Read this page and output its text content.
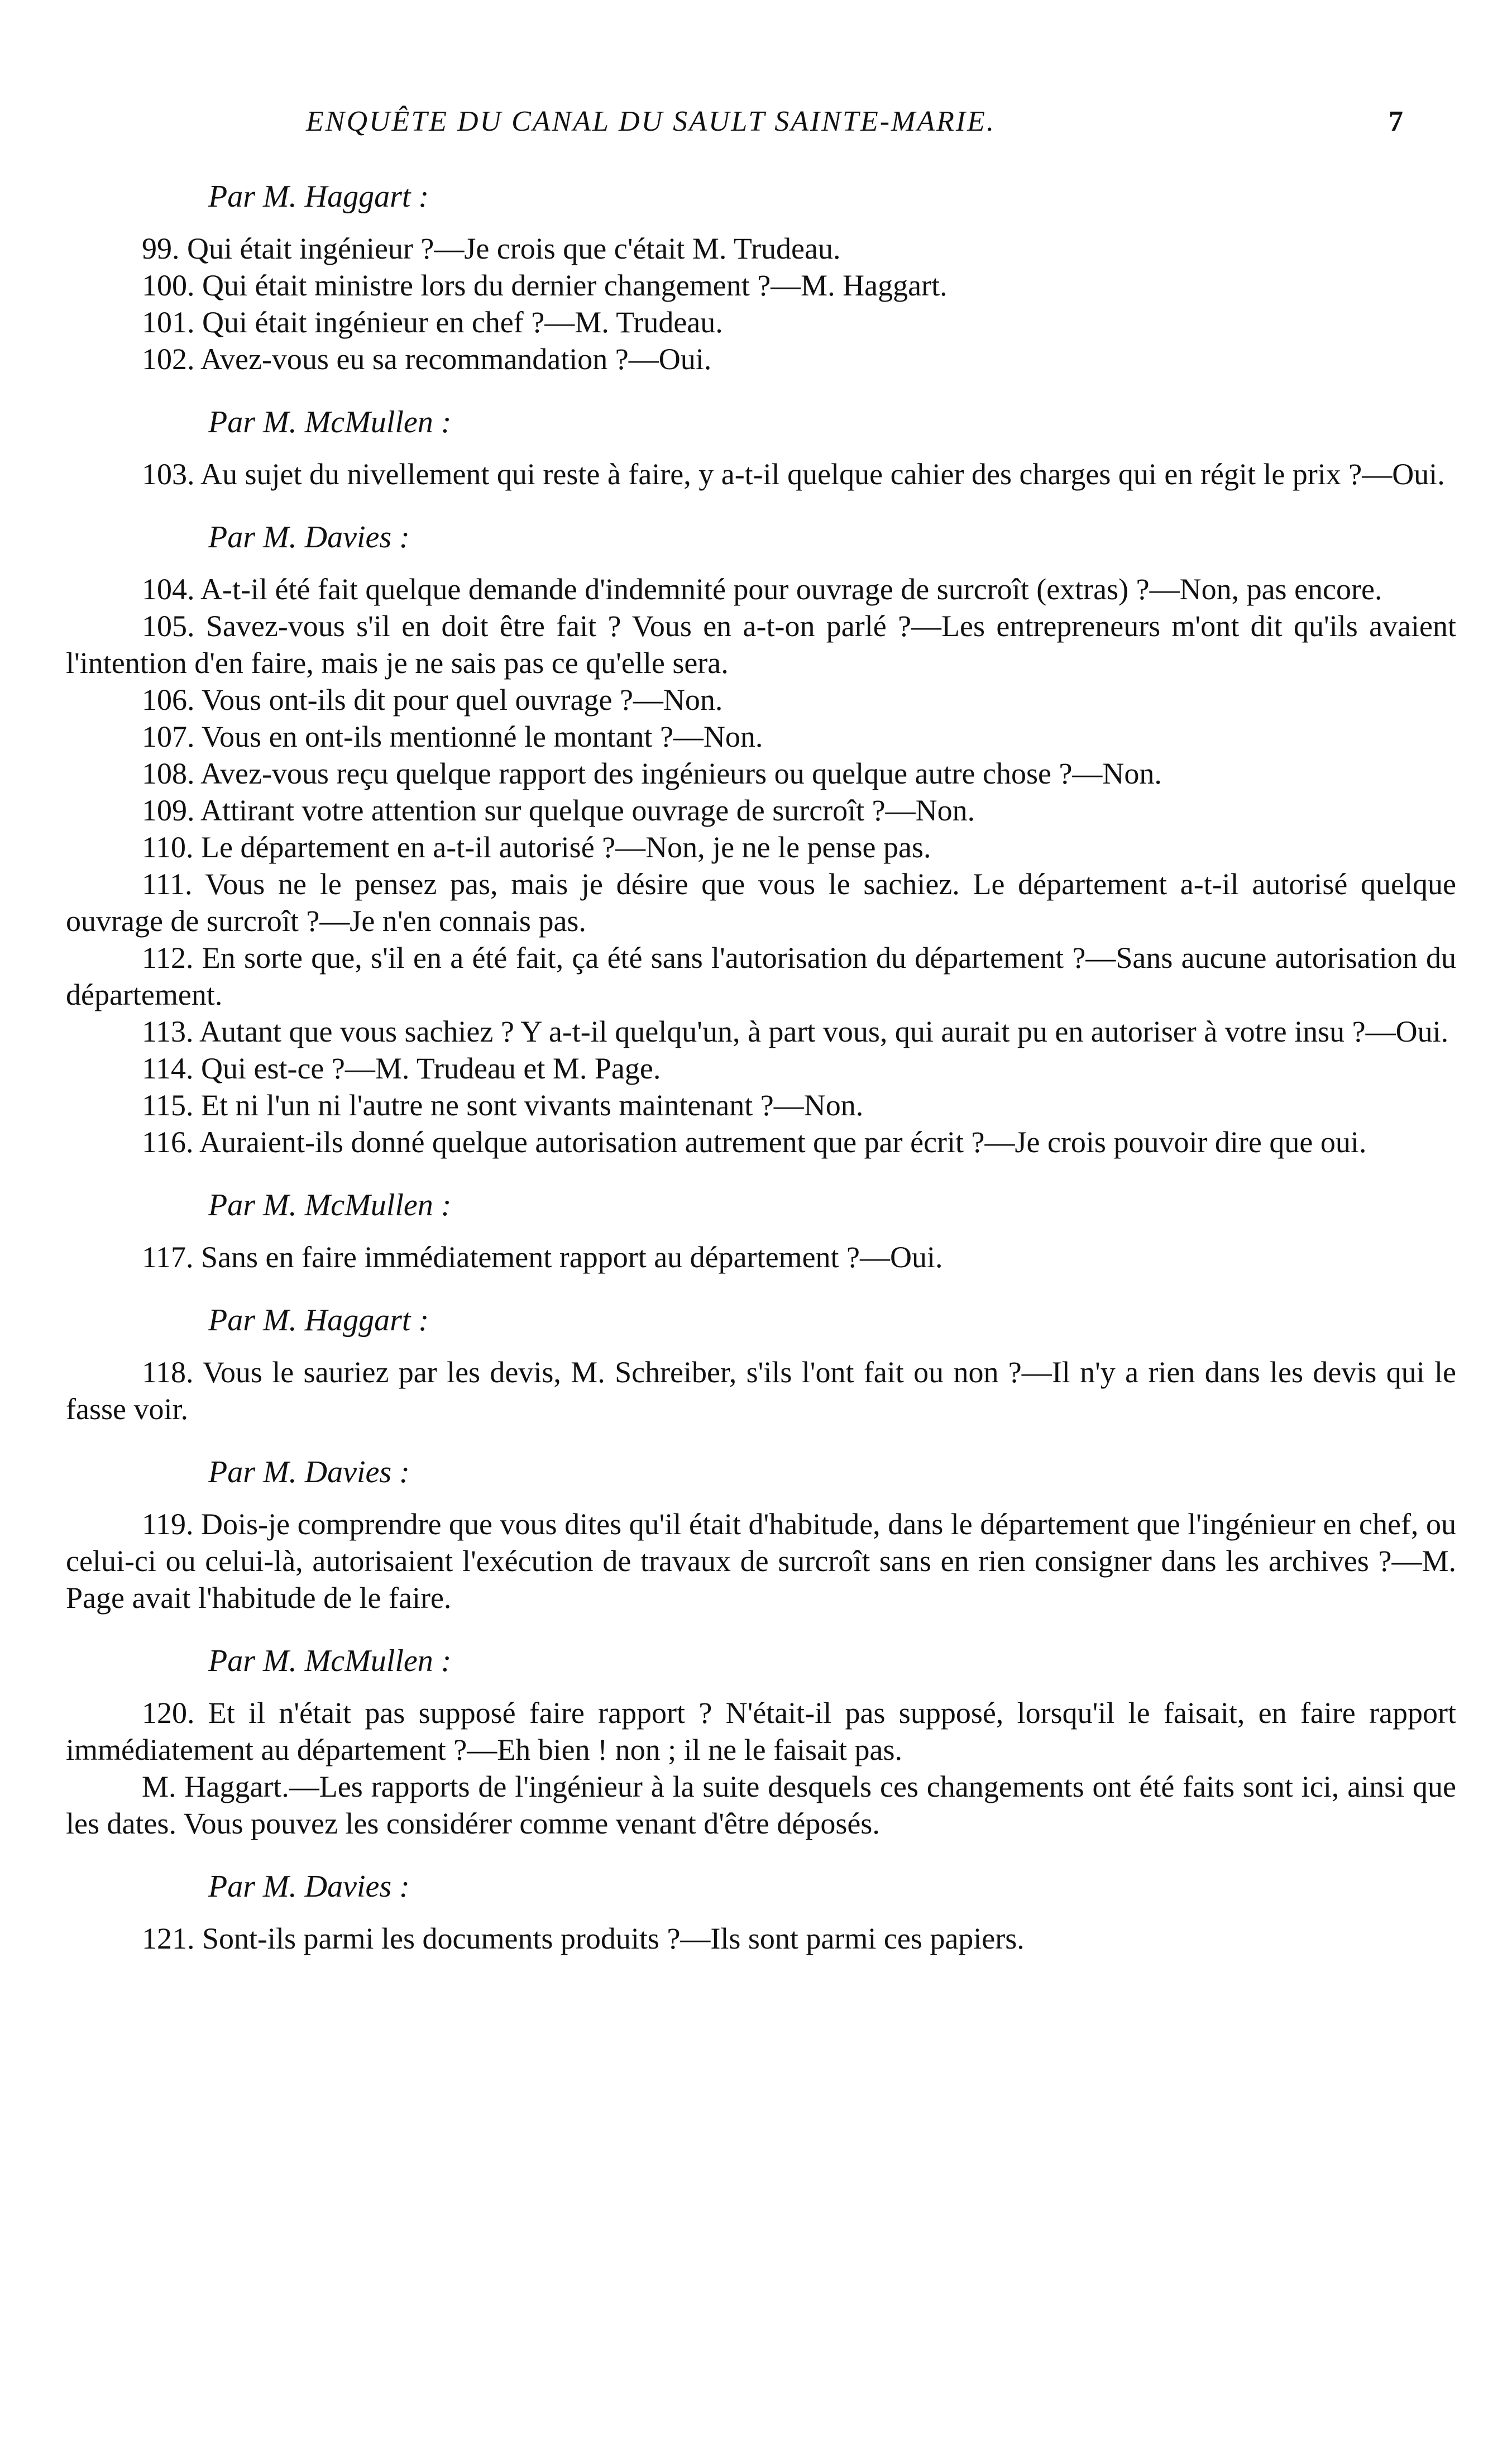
ENQUÊTE DU CANAL DU SAULT SAINTE-MARIE.	7
Par M. Haggart :

99. Qui était ingénieur ?—Je crois que c'était M. Trudeau.

100. Qui était ministre lors du dernier changement ?—M. Haggart.

101. Qui était ingénieur en chef ?—M. Trudeau.

102. Avez-vous eu sa recommandation ?—Oui.

Par M. McMullen :

103. Au sujet du nivellement qui reste à faire, y a-t-il quelque cahier des charges qui en régit le prix ?—Oui.

Par M. Davies :

104. A-t-il été fait quelque demande d'indemnité pour ouvrage de surcroît (extras) ?—Non, pas encore.

105. Savez-vous s'il en doit être fait ? Vous en a-t-on parlé ?—Les entrepreneurs m'ont dit qu'ils avaient l'intention d'en faire, mais je ne sais pas ce qu'elle sera.

106. Vous ont-ils dit pour quel ouvrage ?—Non.

107. Vous en ont-ils mentionné le montant ?—Non.

108. Avez-vous reçu quelque rapport des ingénieurs ou quelque autre chose ?—Non.

109. Attirant votre attention sur quelque ouvrage de surcroît ?—Non.

110. Le département en a-t-il autorisé ?—Non, je ne le pense pas.

111. Vous ne le pensez pas, mais je désire que vous le sachiez. Le département a-t-il autorisé quelque ouvrage de surcroît ?—Je n'en connais pas.

112. En sorte que, s'il en a été fait, ça été sans l'autorisation du département ?—Sans aucune autorisation du département.

113. Autant que vous sachiez ? Y a-t-il quelqu'un, à part vous, qui aurait pu en autoriser à votre insu ?—Oui.

114. Qui est-ce ?—M. Trudeau et M. Page.

115. Et ni l'un ni l'autre ne sont vivants maintenant ?—Non.

116. Auraient-ils donné quelque autorisation autrement que par écrit ?—Je crois pouvoir dire que oui.

Par M. McMullen :

117. Sans en faire immédiatement rapport au département ?—Oui.

Par M. Haggart :

118. Vous le sauriez par les devis, M. Schreiber, s'ils l'ont fait ou non ?—Il n'y a rien dans les devis qui le fasse voir.

Par M. Davies :

119. Dois-je comprendre que vous dites qu'il était d'habitude, dans le département que l'ingénieur en chef, ou celui-ci ou celui-là, autorisaient l'exécution de travaux de surcroît sans en rien consigner dans les archives ?—M. Page avait l'habitude de le faire.

Par M. McMullen :

120. Et il n'était pas supposé faire rapport ? N'était-il pas supposé, lorsqu'il le faisait, en faire rapport immédiatement au département ?—Eh bien ! non ; il ne le faisait pas.

M. Haggart.—Les rapports de l'ingénieur à la suite desquels ces changements ont été faits sont ici, ainsi que les dates. Vous pouvez les considérer comme venant d'être déposés.

Par M. Davies :

121. Sont-ils parmi les documents produits ?—Ils sont parmi ces papiers.
